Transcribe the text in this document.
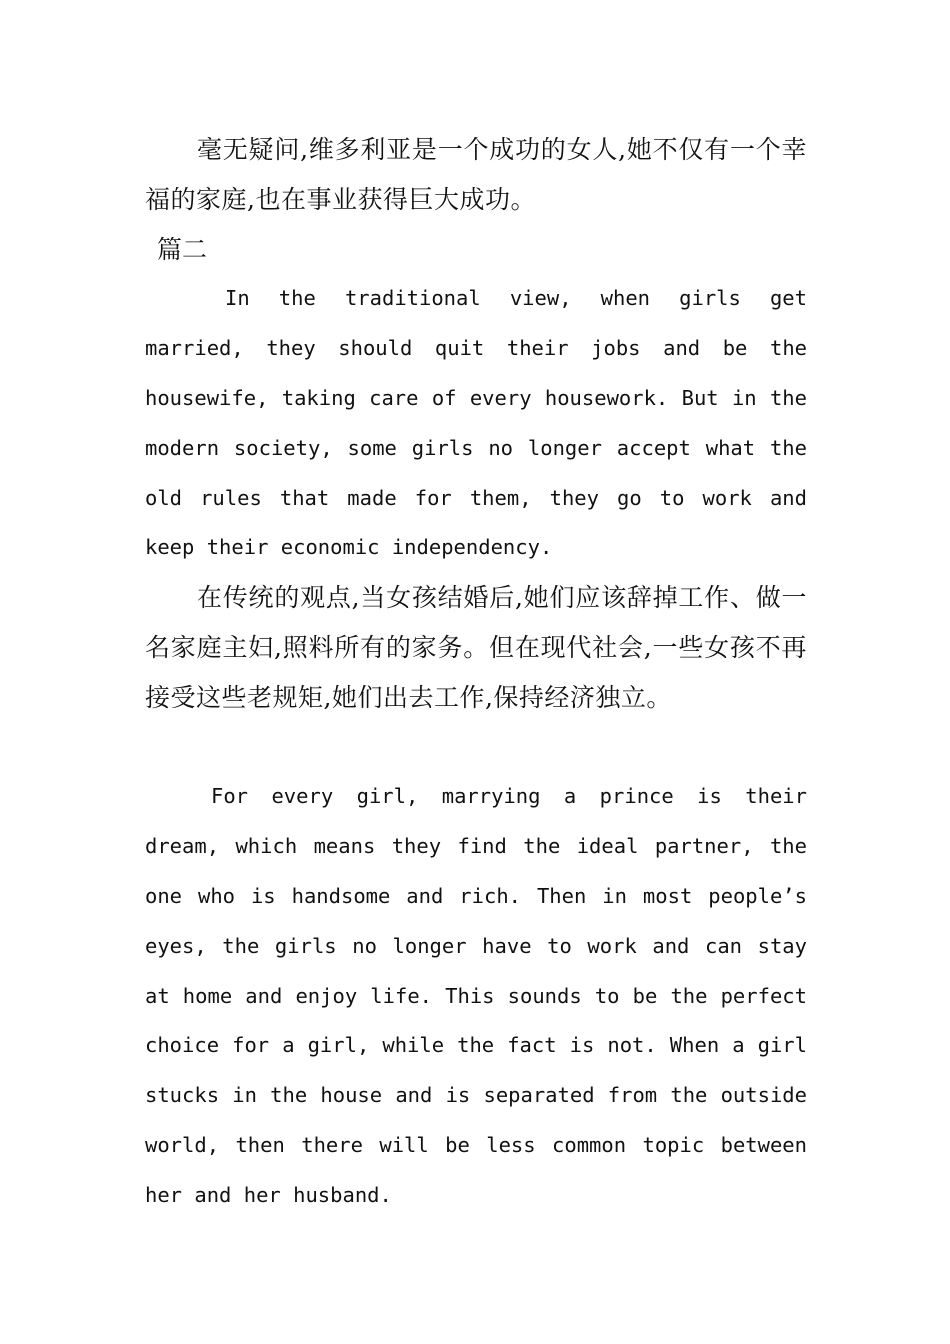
毫无疑问,维多利亚是一个成功的女人,她不仅有一个幸福的家庭,也在事业获得巨大成功。

篇二

In the traditional view, when girls get married, they should quit their jobs and be the housewife, taking care of every housework. But in the modern society, some girls no longer accept what the old rules that made for them, they go to work and keep their economic independency.

在传统的观点,当女孩结婚后,她们应该辞掉工作、做一名家庭主妇,照料所有的家务。但在现代社会,一些女孩不再接受这些老规矩,她们出去工作,保持经济独立。

For every girl, marrying a prince is their dream, which means they find the ideal partner, the one who is handsome and rich. Then in most people’s eyes, the girls no longer have to work and can stay at home and enjoy life. This sounds to be the perfect choice for a girl, while the fact is not. When a girl stucks in the house and is separated from the outside world, then there will be less common topic between her and her husband.
